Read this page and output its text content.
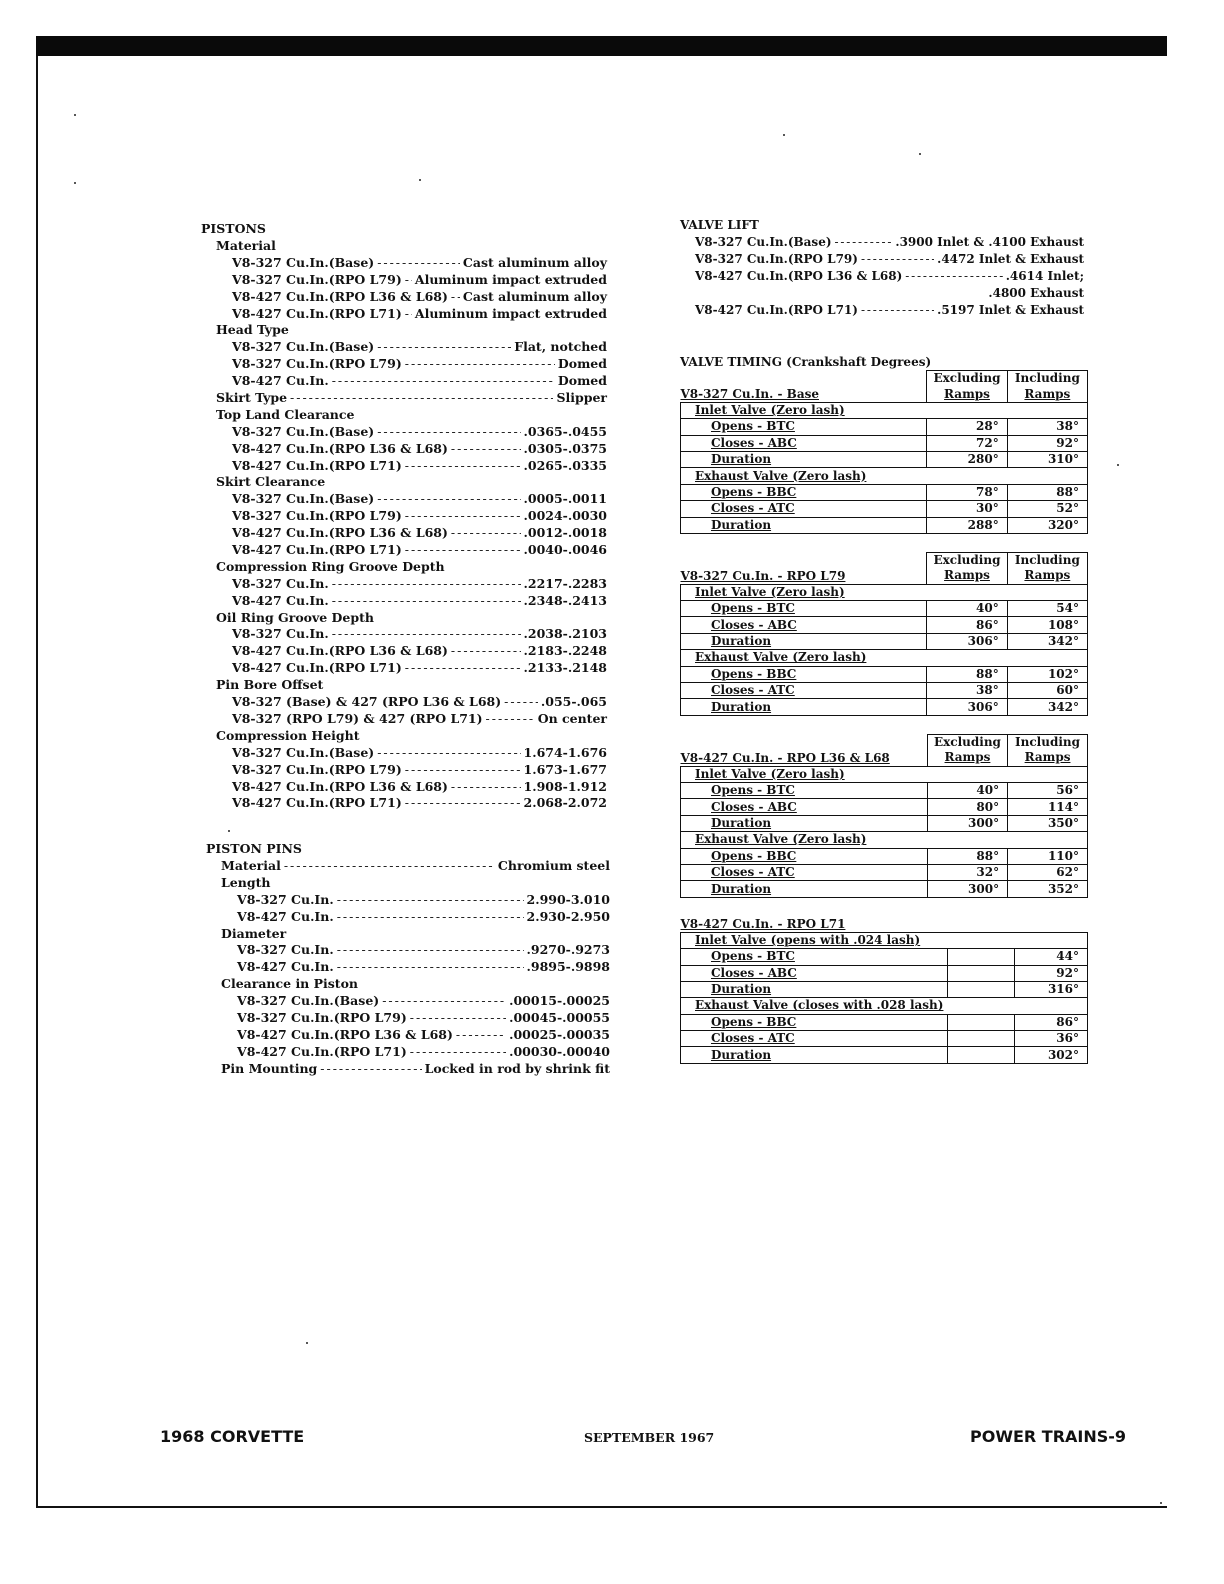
PISTONS
Material
V8-327 Cu.In.(Base) - - -	Cast aluminum alloy
V8-327 Cu.In.(RPO L79) - - - Aluminum impact extruded
V8-427 Cu.In.(RPO L36 & L68) - - - Cast aluminum alloy
V8-427 Cu.In.(RPO L71) - - - Aluminum impact extruded
Head Type
V8-327 Cu.In.(Base) - - -	Flat, notched
V8-327 Cu.In.(RPO L79) - - -	Domed
V8-427 Cu.In. - - -	Domed
Skirt Type - - -	Slipper
Top Land Clearance
V8-327 Cu.In.(Base) - - -	.0365-.0455
V8-427 Cu.In.(RPO L36 & L68) - - -	.0305-.0375
V8-427 Cu.In.(RPO L71) - - -	.0265-.0335
Skirt Clearance
V8-327 Cu.In.(Base) - - -	.0005-.0011
V8-327 Cu.In.(RPO L79) - - -	.0024-.0030
V8-427 Cu.In.(RPO L36 & L68) - - -	.0012-.0018
V8-427 Cu.In.(RPO L71) - - -	.0040-.0046
Compression Ring Groove Depth
V8-327 Cu.In. - - -	.2217-.2283
V8-427 Cu.In. - - -	.2348-.2413
Oil Ring Groove Depth
V8-327 Cu.In. - - -	.2038-.2103
V8-427 Cu.In.(RPO L36 & L68) - - -	.2183-.2248
V8-427 Cu.In.(RPO L71) - - -	.2133-.2148
Pin Bore Offset
V8-327 (Base) & 427 (RPO L36 & L68) - - -	.055-.065
V8-327 (RPO L79) & 427 (RPO L71) - - -	On center
Compression Height
V8-327 Cu.In.(Base) - - -	1.674-1.676
V8-327 Cu.In.(RPO L79) - - -	1.673-1.677
V8-427 Cu.In.(RPO L36 & L68) - - -	1.908-1.912
V8-427 Cu.In.(RPO L71) - - -	2.068-2.072
PISTON PINS
Material - - -	Chromium steel
Length
V8-327 Cu.In. - - -	2.990-3.010
V8-427 Cu.In. - - -	2.930-2.950
Diameter
V8-327 Cu.In. - - -	.9270-.9273
V8-427 Cu.In. - - -	.9895-.9898
Clearance in Piston
V8-327 Cu.In.(Base) - - -	.00015-.00025
V8-327 Cu.In.(RPO L79) - - -	.00045-.00055
V8-427 Cu.In.(RPO L36 & L68) - - -	.00025-.00035
V8-427 Cu.In.(RPO L71) - - -	.00030-.00040
Pin Mounting - - -	Locked in rod by shrink fit
VALVE LIFT
V8-327 Cu.In.(Base) - - -	.3900 Inlet & .4100 Exhaust
V8-327 Cu.In.(RPO L79) - - -	.4472 Inlet & Exhaust
V8-427 Cu.In.(RPO L36 & L68) - - -	.4614 Inlet;
.4800 Exhaust
V8-427 Cu.In.(RPO L71) - - -	.5197 Inlet & Exhaust
VALVE TIMING (Crankshaft Degrees)
V8-327 Cu.In. - Base	Excluding	Including
	Ramps	Ramps
Inlet Valve (Zero lash)		
Opens - BTC	28°	38°
Closes - ABC	72°	92°
Duration	280°	310°
Exhaust Valve (Zero lash)		
Opens - BBC	78°	88°
Closes - ATC	30°	52°
Duration	288°	320°
V8-327 Cu.In. - RPO L79	Excluding	Including
	Ramps	Ramps
Inlet Valve (Zero lash)		
Opens - BTC	40°	54°
Closes - ABC	86°	108°
Duration	306°	342°
Exhaust Valve (Zero lash)		
Opens - BBC	88°	102°
Closes - ATC	38°	60°
Duration	306°	342°
V8-427 Cu.In. - RPO L36 & L68	Excluding	Including
	Ramps	Ramps
Inlet Valve (Zero lash)		
Opens - BTC	40°	56°
Closes - ABC	80°	114°
Duration	300°	350°
Exhaust Valve (Zero lash)		
Opens - BBC	88°	110°
Closes - ATC	32°	62°
Duration	300°	352°
V8-427 Cu.In. - RPO L71		
Inlet Valve (opens with .024 lash)		
Opens - BTC		44°
Closes - ABC		92°
Duration		316°
Exhaust Valve (closes with .028 lash)		
Opens - BBC		86°
Closes - ATC		36°
Duration		302°
1968 CORVETTE	SEPTEMBER 1967	POWER TRAINS-9
